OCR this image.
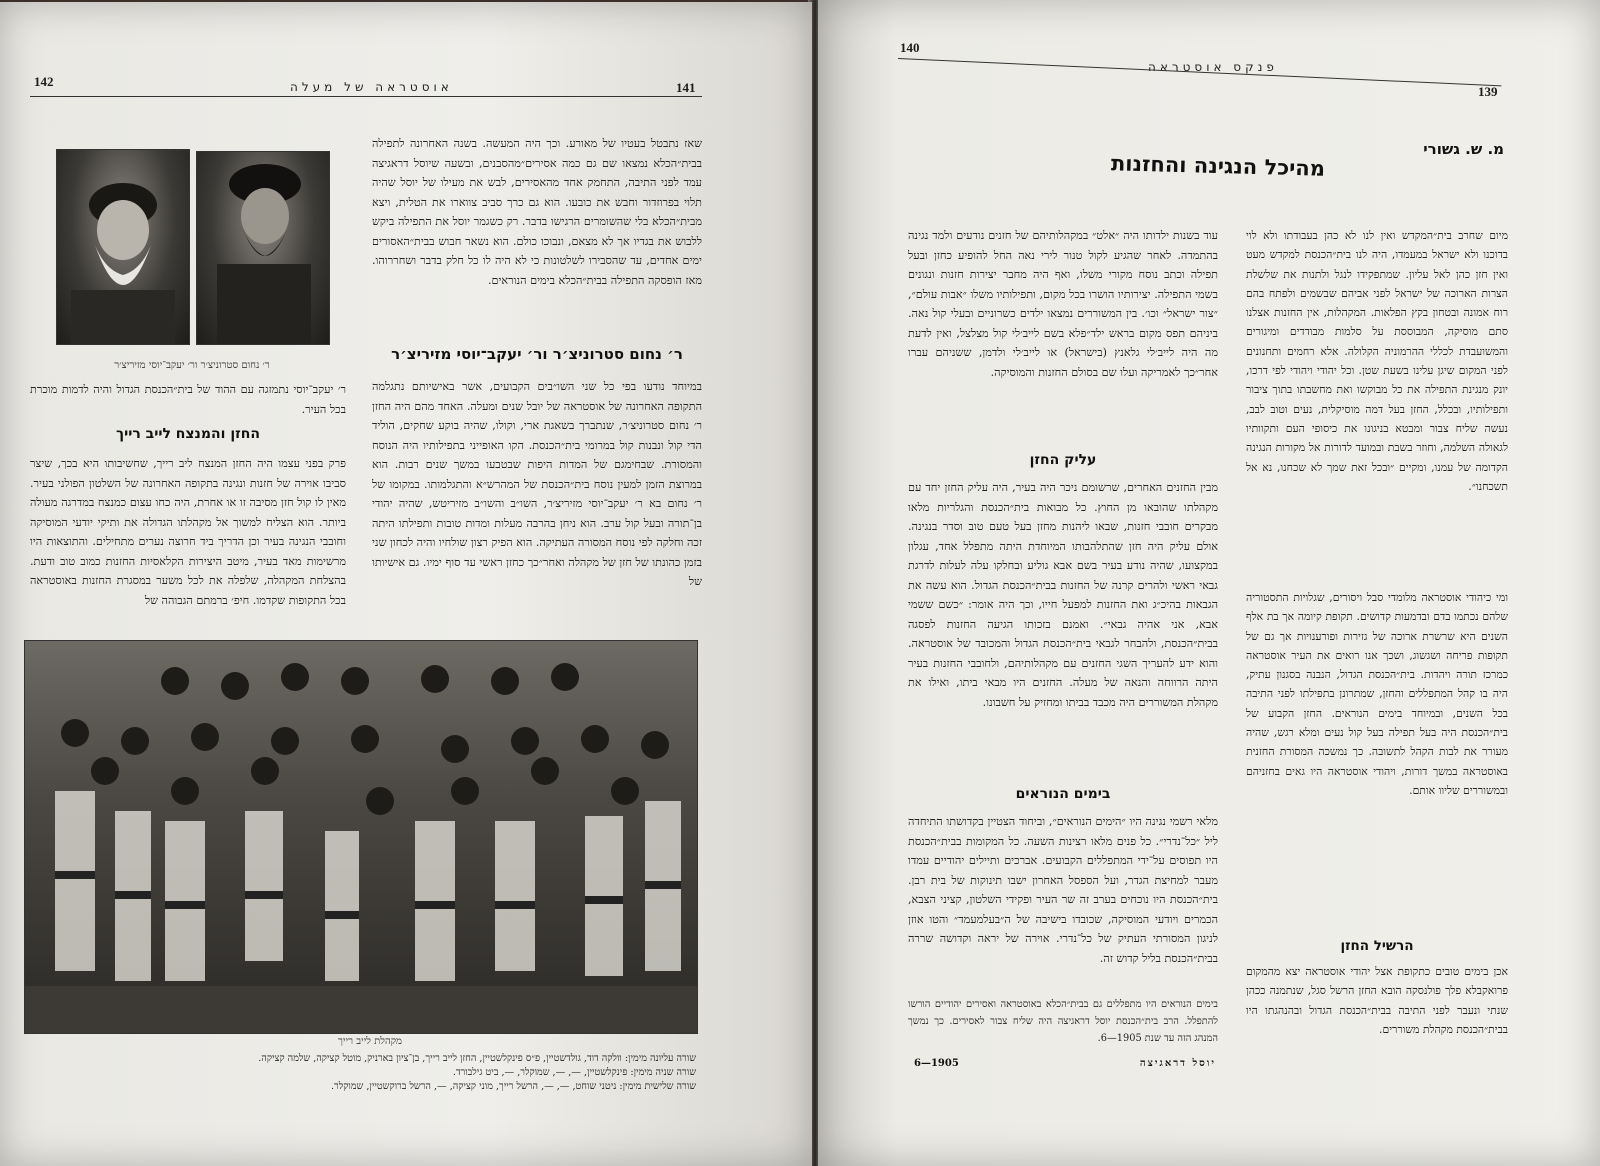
142	אוסטראה של מעלה	141
שאז נתבטל בעטיו של מאורע. וכך היה המעשה. בשנה האחרונה לתפילה בבית״הכלא נמצאו שם גם כמה אסירים״מהסבנים, ובשעה שיוסל דראגיצה עמד לפני התיבה, התחמק אחד מהאסירים, לבש את מעילו של יוסל שהיה תלוי בפרוזדור וחבש את כובעו. הוא גם כרך סביב צווארו את הטלית, ויצא מבית״הכלא בלי שהשומרים הרגישו בדבר. רק כשגמר יוסל את התפילה ביקש ללבוש את בגדיו אך לא מצאם, ונבוכו כולם. הוא נשאר חבוש בבית״האסורים ימים אחדים, עד שהסבירו לשלטונות כי לא היה לו כל חלק בדבר ושחררוהו. מאז הופסקה התפילה בבית״הכלא בימים הנוראים.
ר׳ נחום סטרוניצ׳ר ור׳ יעקב־יוסי מזיריצ׳ר
ר׳ נחום סטרוניצ׳ר ור׳ יעקב־יוסי מזיריצ׳ר
במיוחד נודעו בפי כל שני השו״בים הקבועים, אשר באישיותם נתגלמה התקופה האחרונה של אוסטראה של יובל שנים ומעלה. האחד מהם היה החזן ר׳ נחום סטרוניצ׳ר, שנתברך בשאגת ארי, וקולו, שהיה בוקע שחקים, הוליד הדי קול ונבנות קול במרומי בית״הכנסת. הקו האופייני בתפילותיו היה הנוסח והמסורת. שבחימגם של המדות היפות שבטבעו במשך שנים רבות. הוא במרוצת הזמן למעין נוסח בית״הכנסת של המהרש״א והתגלמותו. במקומו של ר׳ נחום בא ר׳ יעקב־יוסי מזיריצ׳ר, השו״ב והשו״ב מזיריטש, שהיה יהודי בן־תורה ובעל קול ערב. הוא ניחן בהרבה מעלות ומדות טובות ותפילתו היתה זכה וחלקה לפי נוסח המסורה העתיקה. הוא הפיק רצון שולחיו והיה לכחון שני בזמן כהונתו של חזן של מקהלה ואחר״כך כחזן ראשי עד סוף ימיו. גם אישיותו של
ר׳ יעקב־יוסי נתמזגה עם ההוד של בית״הכנסת הגדול והיה לדמות מוכרת בכל העיר.
החזן והמנצח לייב רייך
פרק בפני עצמו היה החזן המנצח ליב רייך, שחשיבותו היא בכך, שיצר סביבו אוירה של חזנות ונגינה בתקופה האחרונה של השלטון הפולני בעיר. מאין לו קול חזן מסיבה זו או אחרת, היה כחו עצום כמנצח במדרגה מעולה ביותר. הוא הצליח למשוך אל מקהלתו הגדולה את ותיקי יודעי המוסיקה וחובבי הנגינה בעיר וכן הדריך ביד חרוצה נערים מתחילים. והתוצאות היו מרשימות מאד בעיר, מיטב היצירות הקלאסיות החזנות כמוב טוב ודעת. בהצלחת המקהלה, שלפלה את לכל משער במסגרת החזנות באוסטראה בכל התקופות שקדמו. חיפ׳ ברמתם הגבוהה של
מקהלת לייב רייך
שורה עליונה מימין: וולקה דוד, גולדשטיין, פ״ס פינקלשטיין, החזן לייב רייך, בן־ציון בארניק, מוטל קציקה, שלמה קציקה.
שורה שניה מימין: פינקלשטיין, —, —, שמוקלר, —, ביט גילבורד.
שורה שלישית מימין: ניטני שוחט, —, —, הרשל רייך, מוני קציקה, —, הרשל ברוקשטיין, שמוקלר.
140
פנקס אוסטראה
139
מ. ש. גשורי
מהיכל הנגינה והחזנות
מיום שחרב בית״המקדש ואין לנו לא כהן בעבודתו ולא לוי בדוכנו ולא ישראל במעמדו, היה לנו בית״הכנסת למקדש מעט ואין חזן כהן לאל עליון. שמתפקידו לנגל ולתנות את שלשלת הצרות הארוכה של ישראל לפני אביהם שבשמים ולפתח בהם רוח אמונה ובטחון בקץ הפלאות. המקהלות, אין החזנות אצלנו סתם מוסיקה, המבוססת על סלמות מבודדים ומיגורים והמשועבדת לכללי ההרמוניה הקלולה. אלא רחמים ותחנונים לפני המקום שיגן עלינו בשעת שטן. וכל יהודי ויהודי לפי דרכו, יונק מנגינת התפילה את כל מבוקשו ואת מחשבתו בתוך ציבור ותפילותיו, ובכלל, החזן בעל דמה מוסיקלית, נעים וטוב לבב, נעשה שליח צבור ומבטא בניגונו את כיסופי העם ותקוותיו לגאולה השלמה, וחוזר בשבת ובמועד לדורות אל מקורות הנגינה הקדומה של עמנו, ומקיים ״ובכל זאת שמך לא שכחנו, נא אל תשכחנו״.
ומי כיהודי אוסטראה מלומדי סבל ויסורים, שגלויות התסטוריה שלהם נכתמו בדם ובדמעות קדושים. תקופת קיומה אך בת אלף השנים היא שרשרת ארוכה של גזירות ופורענויות אך גם של תקופות פריחה ושגשוג, ושכך אנו רואים את העיר אוסטראה כמרכז תורה ויהדות. בית״הכנסת הגדול, הנבנה בסגנון עתיק, היה בו קהל המתפללים והחזן, שמתרונן בתפילתו לפני התיבה בכל השנים, ובמיוחד בימים הנוראים. החזן הקבוע של בית״הכנסת היה בעל תפילה בעל קול נעים ומלא רגש, שהיה מעורר את לבות הקהל לתשובה. כך נמשכה המסורת החזנית באוסטראה במשך דורות, ויהודי אוסטראה היו גאים בחזניהם ובמשוררים שליוו אותם.
הרשיל החזן
אכן בימים טובים כתקופת אצל יהודי אוסטראה יצא מהמקום פרואקבלא פלך פולנסקה הובא החזן הרשל סגל, שנתמנה ככהן שנתי ונעבר לפני התיבה בבית״הכנסת הגדול ובהנהגתו היו בבית״הכנסת מקהלת משוררים.
עוד בשנות ילדותו היה ״אלט״ במקהלותיהם של חזנים נודעים ולמד נגינה בהתמדה. לאחר שהגיע לקול טנור לירי נאה החל להופיע כחזן ובעל תפילה וכתב נוסח מקורי משלו, ואף היה מחבר יצירות חזנות ונגונים בשמי התפילה. יצירותיו הושרו בכל מקום, ותפילותיו משלו ״אבות עולם״, ״צור ישראל״ וכו׳. בין המשוררים נמצאו ילדים כשרוניים ובעלי קול נאה. ביניהם תפס מקום בראש ילד״פלא בשם לייב׳לי קול מצלצל, ואין לדעת מה היה לייב׳לי גלאנץ (בישראל) או לייב׳לי ולדמן, ששניהם עברו אחר״כך לאמריקה ועלו שם בסולם החזנות והמוסיקה.
עליק החזן
מבין החזנים האחרים, שרשומם ניכר היה בעיר, היה עליק החזן יחד עם מקהלתו שהובאו מן החוץ. כל מבואות בית״הכנסת והגלריות מלאו מבקרים חובבי חזנות, שבאו ליהנות מחזן בעל טעם טוב וסדר בנגינה. אולם עליק היה חזן שהתלהבותו המיוחדת היתה מתפלל אחד, עגלון במקצועו, שהיה נודע בעיר בשם אבא גוליע ובחלקו עלה לעלות לדרגת גבאי ראשי ולהרים קרנה של החזנות בבית״הכנסת הגדול. הוא עשה את הגבאות בהיכ״ג ואת החזנות למפעל חייו, וכך היה אומר: ״כשם ששמי אבא, אני אהיה גבאי״. ואמנם בזכותו הגיעה החזנות לפסגה בבית״הכנסת, ולהבחר לגבאי בית״הכנסת הגדול והמכובד של אוסטראה. והוא ידע להעריך השגי החזנים עם מקהלותיהם, ולחובבי החזנות בעיר היתה הרווחה והנאה של מעלה. החזנים היו מבאי ביתו, ואילו את מקהלת המשוררים היה מכבד בביתו ומחזיק על חשבונו.
בימים הנוראים
מלאי רשמי נגינה היו ״הימים הנוראים״, וביחוד הצטיין בקדושתו התיחדה ליל ״כל־נדרי״. כל פנים מלאו רצינות השעה. כל המקומות בבית״הכנסת היו תפוסים על־ידי המתפללים הקבועים. אברכים ותיילים יהודיים עמדו מעבר למחיצת הגדר, ועל הספסל האחרון ישבו תינוקות של בית רבן. בית״הכנסת היו נוכחים בערב זה שר העיר ופקידי השלטון, קציני הצבא, הכמרים ויודעי המוסיקה, שכובדו בישיבה של ה״בעלמעמד״ והטו אוזן לניגון המסורתי העתיק של כל־נדרי. אוירה של יראה וקדושה שררה בבית״הכנסת בליל קדוש זה.
בימים הנוראים היו מתפללים גם בבית״הכלא באוסטראה ואסירים יהודיים הורשו להתפלל. הרב בית״הכנסת יוסל דראגיצה היה שליח צבור לאסירים. כך נמשך המנהג הזה עד שנת 1905—6.
1905—6	יוסל דראגיצה
